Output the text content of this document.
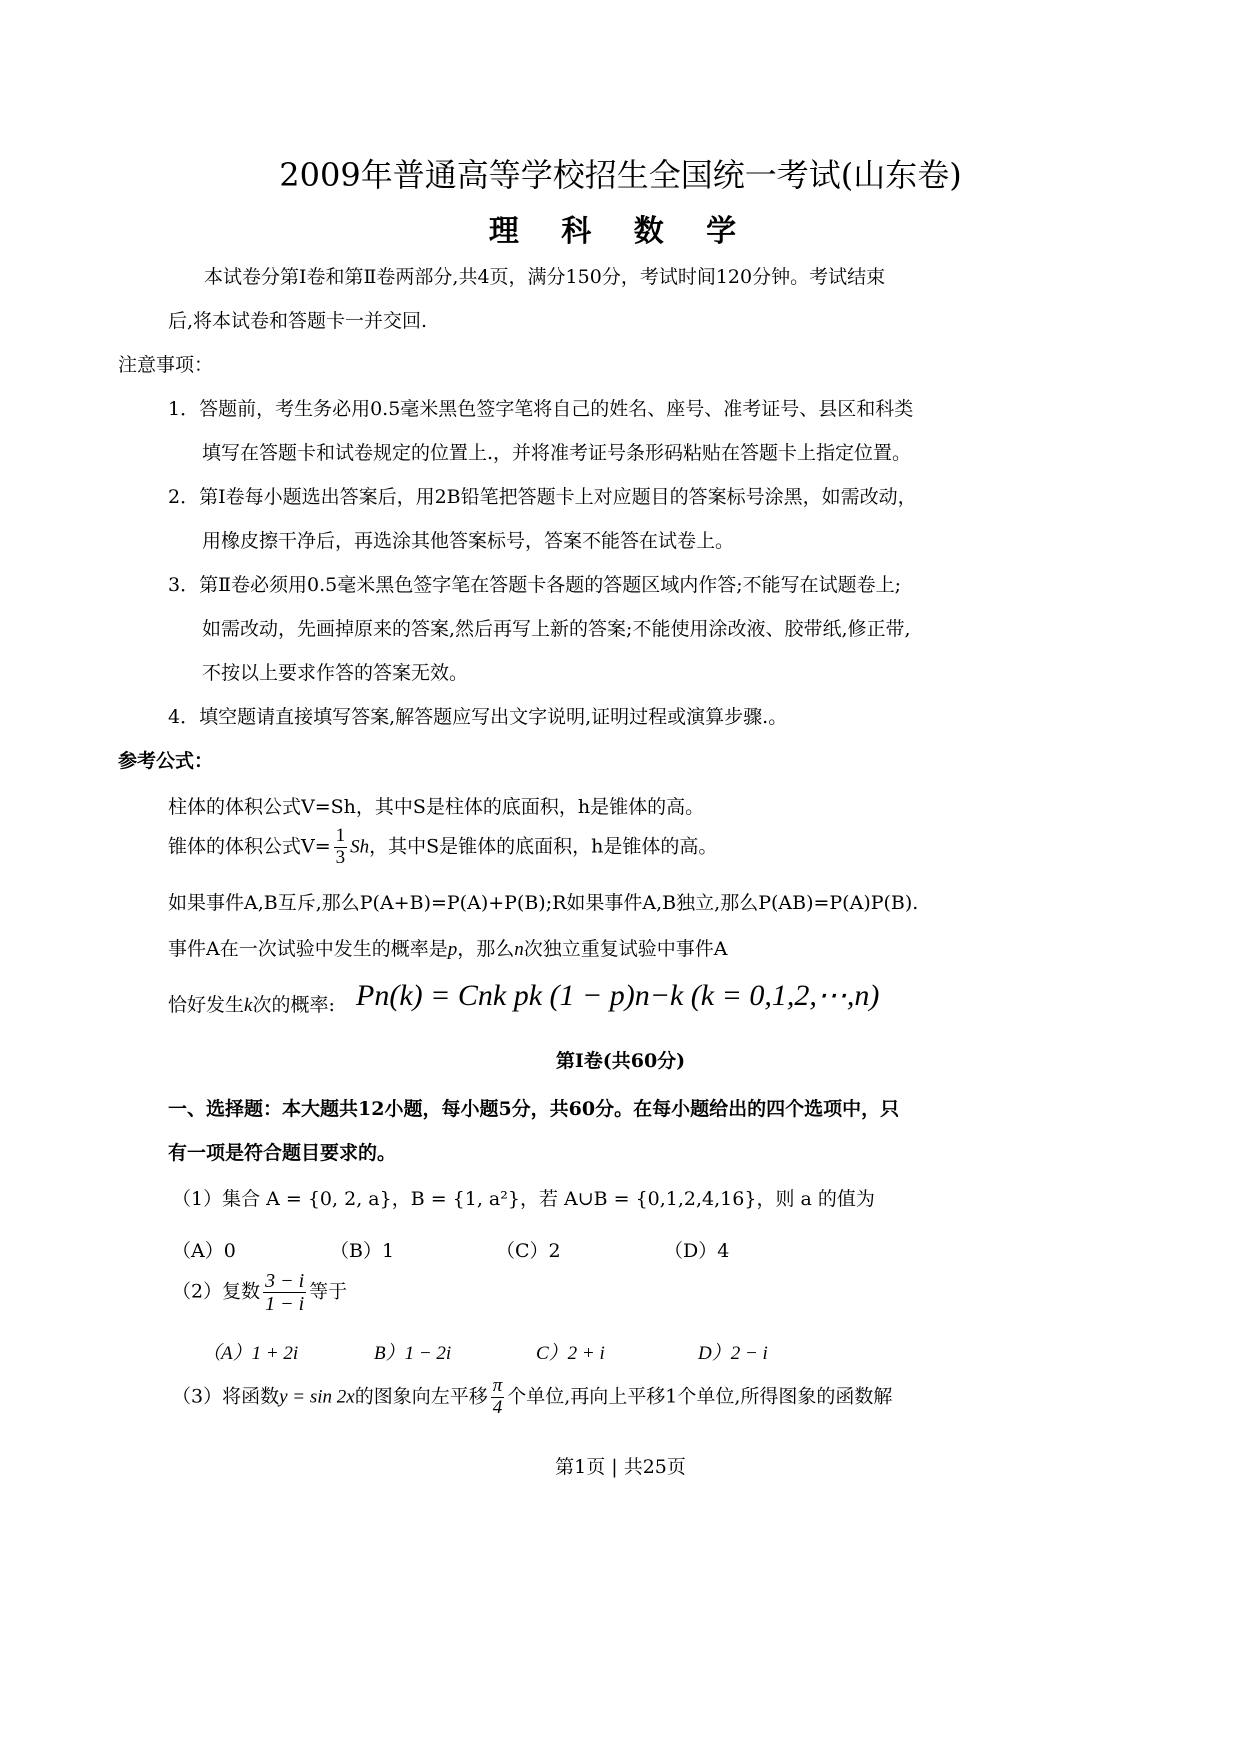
2009年普通高等学校招生全国统一考试(山东卷)
理 科 数 学
本试卷分第Ⅰ卷和第Ⅱ卷两部分,共4页，满分150分，考试时间120分钟。考试结束
后,将本试卷和答题卡一并交回.
注意事项：
1．答题前，考生务必用0.5毫米黑色签字笔将自己的姓名、座号、准考证号、县区和科类
填写在答题卡和试卷规定的位置上.，并将准考证号条形码粘贴在答题卡上指定位置。
2．第Ⅰ卷每小题选出答案后，用2B铅笔把答题卡上对应题目的答案标号涂黑，如需改动，
用橡皮擦干净后，再选涂其他答案标号，答案不能答在试卷上。
3．第Ⅱ卷必须用0.5毫米黑色签字笔在答题卡各题的答题区域内作答;不能写在试题卷上;
如需改动，先画掉原来的答案,然后再写上新的答案;不能使用涂改液、胶带纸,修正带,
不按以上要求作答的答案无效。
4．填空题请直接填写答案,解答题应写出文字说明,证明过程或演算步骤.。
参考公式：
柱体的体积公式V=Sh，其中S是柱体的底面积，h是锥体的高。
锥体的体积公式$V= \frac{1}{3}$ Sh，其中S是锥体的底面积，h是锥体的高。
如果事件A,B互斥,那么P(A+B)=P(A)+P(B);R如果事件A,B独立,那么P(AB)=P(A)P(B).
事件A在一次试验中发生的概率是p，那么n次独立重复试验中事件A
恰好发生k次的概率: Pn(k) = Cnk pk (1 − p)n−k (k = 0,1,2,⋯,n)
第Ⅰ卷(共60分)
一、选择题：本大题共12小题，每小题5分，共60分。在每小题给出的四个选项中，只
有一项是符合题目要求的。
（1）集合 A = {0, 2, a}，B = {1, a²}，若 A∪B = {0,1,2,4,16}，则 a 的值为
（A）0	（B）1	（C）2	（D）4
（2）复数 $\frac{3 - i}{1 - i}$ 等于
（A）1 + 2i	B）1 − 2i	C）2 + i	D）2 − i
（3）将函数y = sin 2x的图象向左平移 $\frac{\pi}{4}$ 个单位,再向上平移1个单位,所得图象的函数解
第1页 | 共25页
